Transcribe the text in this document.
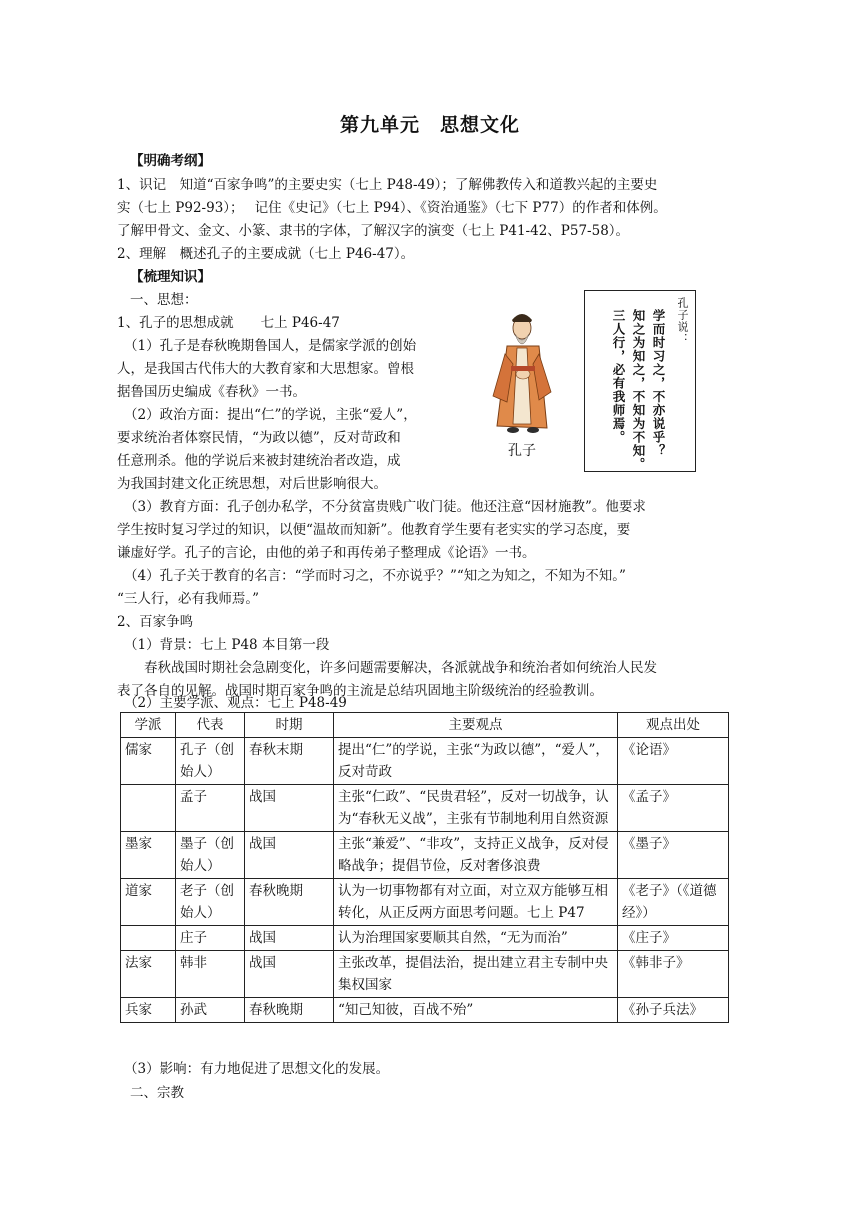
第九单元　思想文化
【明确考纲】
1、识记　知道“百家争鸣”的主要史实（七上 P48-49）；了解佛教传入和道教兴起的主要史
实（七上 P92-93）；　 记住《史记》（七上 P94）、《资治通鉴》（七下 P77）的作者和体例。
了解甲骨文、金文、小篆、隶书的字体，了解汉字的演变（七上 P41-42、P57-58）。
2、理解　概述孔子的主要成就（七上 P46-47）。
【梳理知识】
一、思想：
1、孔子的思想成就　　七上 P46-47
（1）孔子是春秋晚期鲁国人，是儒家学派的创始
人，是我国古代伟大的大教育家和大思想家。曾根
据鲁国历史编成《春秋》一书。
（2）政治方面：提出“仁”的学说，主张“爱人”，
要求统治者体察民情，“为政以德”，反对苛政和
任意刑杀。他的学说后来被封建统治者改造，成
为我国封建文化正统思想，对后世影响很大。
（3）教育方面：孔子创办私学，不分贫富贵贱广收门徒。他还注意“因材施教”。他要求
学生按时复习学过的知识，以便“温故而知新”。他教育学生要有老实实的学习态度，要
谦虚好学。孔子的言论，由他的弟子和再传弟子整理成《论语》一书。
（4）孔子关于教育的名言：“学而时习之，不亦说乎？”“知之为知之，不知为不知。”
“三人行，必有我师焉。”
2、百家争鸣
（1）背景：七上 P48 本目第一段
　　春秋战国时期社会急剧变化，许多问题需要解决，各派就战争和统治者如何统治人民发
表了各自的见解。战国时期百家争鸣的主流是总结巩固地主阶级统治的经验教训。
（2）主要学派、观点：七上 P48-49
孔子
孔子说：
学而时习之，不亦说乎？
知之为知之，不知为不知。
三人行，必有我师焉。
学派	代表	时期	主要观点	观点出处
儒家	孔子（创始人）	春秋末期	提出“仁”的学说，主张“为政以德”，“爱人”，反对苛政	《论语》
	孟子	战国	主张“仁政”、“民贵君轻”，反对一切战争，认为“春秋无义战”，主张有节制地利用自然资源	《孟子》
墨家	墨子（创始人）	战国	主张“兼爱”、“非攻”，支持正义战争，反对侵略战争；提倡节俭，反对奢侈浪费	《墨子》
道家	老子（创始人）	春秋晚期	认为一切事物都有对立面，对立双方能够互相转化，从正反两方面思考问题。七上 P47	《老子》（《道德经》）
	庄子	战国	认为治理国家要顺其自然，“无为而治”	《庄子》
法家	韩非	战国	主张改革，提倡法治，提出建立君主专制中央集权国家	《韩非子》
兵家	孙武	春秋晚期	“知己知彼，百战不殆”	《孙子兵法》
（3）影响：有力地促进了思想文化的发展。
二、宗教
